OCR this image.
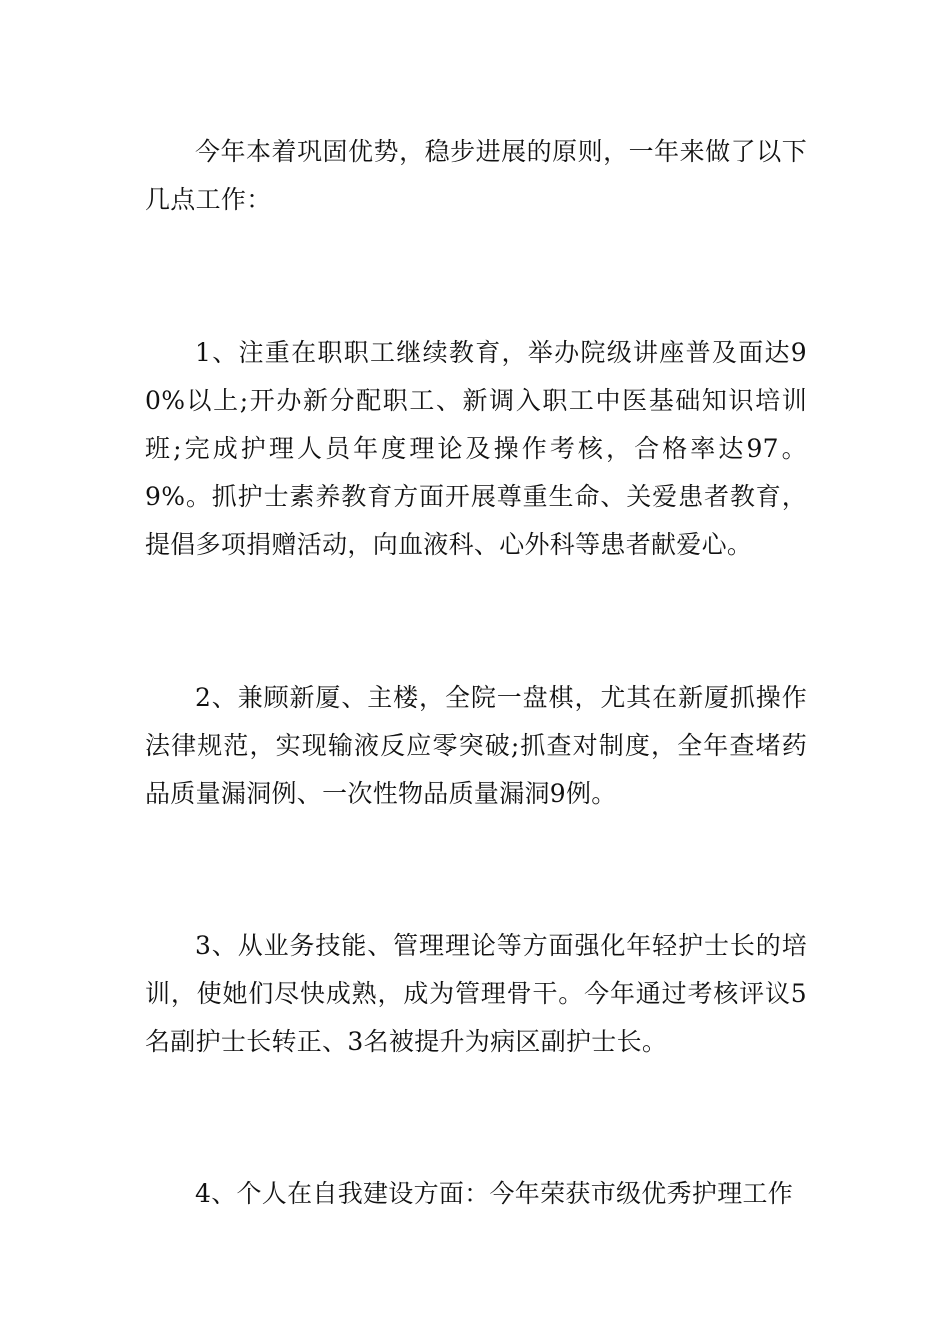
今年本着巩固优势，稳步进展的原则，一年来做了以下几点工作：

1、注重在职职工继续教育，举办院级讲座普及面达90%以上;开办新分配职工、新调入职工中医基础知识培训班;完成护理人员年度理论及操作考核，合格率达97。9%。抓护士素养教育方面开展尊重生命、关爱患者教育，提倡多项捐赠活动，向血液科、心外科等患者献爱心。

2、兼顾新厦、主楼，全院一盘棋，尤其在新厦抓操作法律规范，实现输液反应零突破;抓查对制度，全年查堵药品质量漏洞例、一次性物品质量漏洞9例。

3、从业务技能、管理理论等方面强化年轻护士长的培训，使她们尽快成熟，成为管理骨干。今年通过考核评议5名副护士长转正、3名被提升为病区副护士长。

4、个人在自我建设方面：今年荣获市级优秀护理工作
